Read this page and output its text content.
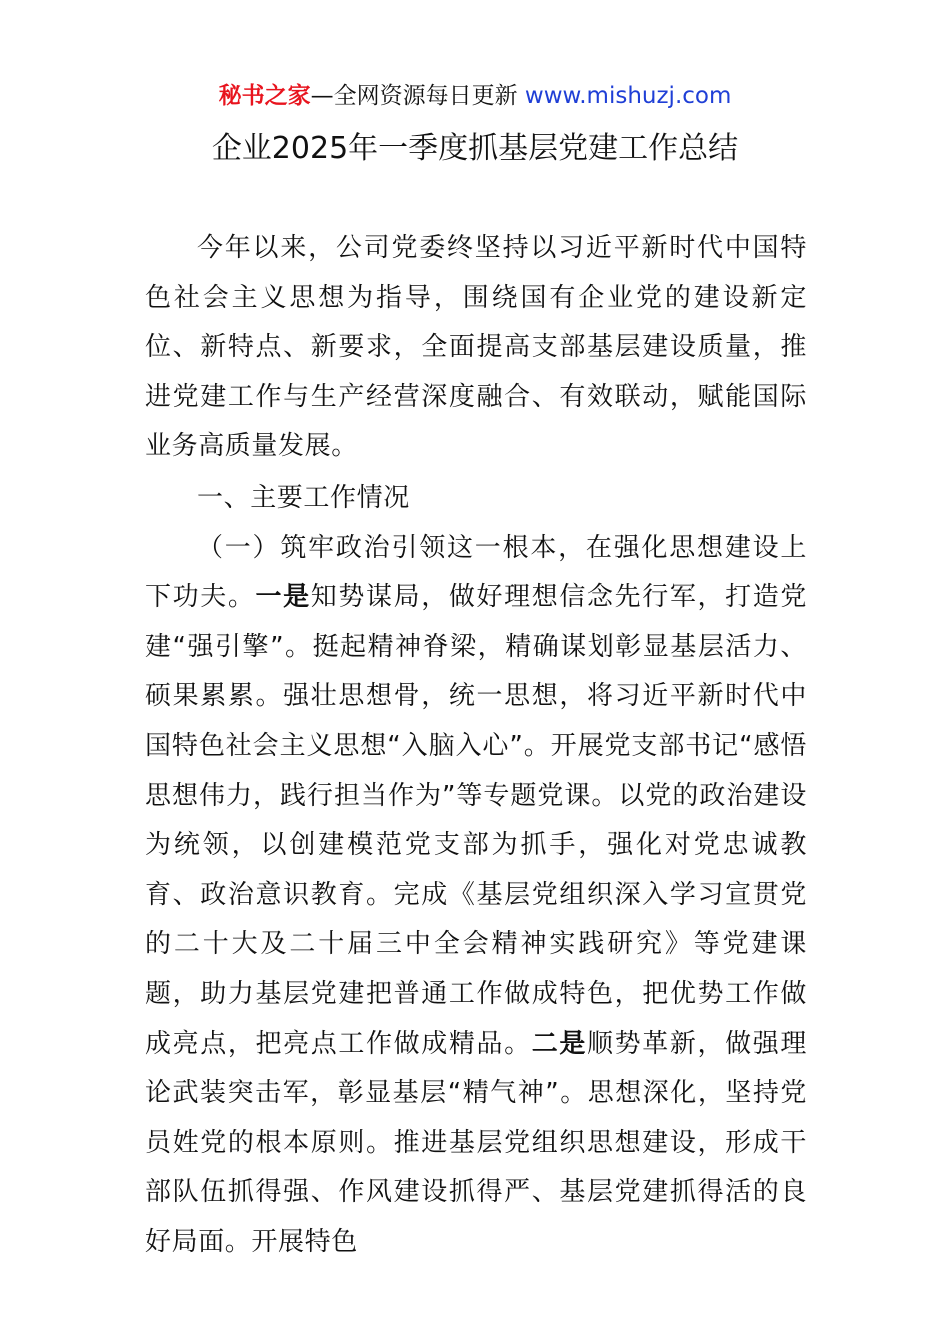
秘书之家—全网资源每日更新 www.mishuzj.com
企业2025年一季度抓基层党建工作总结

今年以来，公司党委终坚持以习近平新时代中国特色社会主义思想为指导，围绕国有企业党的建设新定位、新特点、新要求，全面提高支部基层建设质量，推进党建工作与生产经营深度融合、有效联动，赋能国际业务高质量发展。

一、主要工作情况

（一）筑牢政治引领这一根本，在强化思想建设上下功夫。一是知势谋局，做好理想信念先行军，打造党建“强引擎”。挺起精神脊梁，精确谋划彰显基层活力、硕果累累。强壮思想骨，统一思想，将习近平新时代中国特色社会主义思想“入脑入心”。开展党支部书记“感悟思想伟力，践行担当作为”等专题党课。以党的政治建设为统领，以创建模范党支部为抓手，强化对党忠诚教育、政治意识教育。完成《基层党组织深入学习宣贯党的二十大及二十届三中全会精神实践研究》等党建课题，助力基层党建把普通工作做成特色，把优势工作做成亮点，把亮点工作做成精品。二是顺势革新，做强理论武装突击军，彰显基层“精气神”。思想深化，坚持党员姓党的根本原则。推进基层党组织思想建设，形成干部队伍抓得强、作风建设抓得严、基层党建抓得活的良好局面。开展特色
